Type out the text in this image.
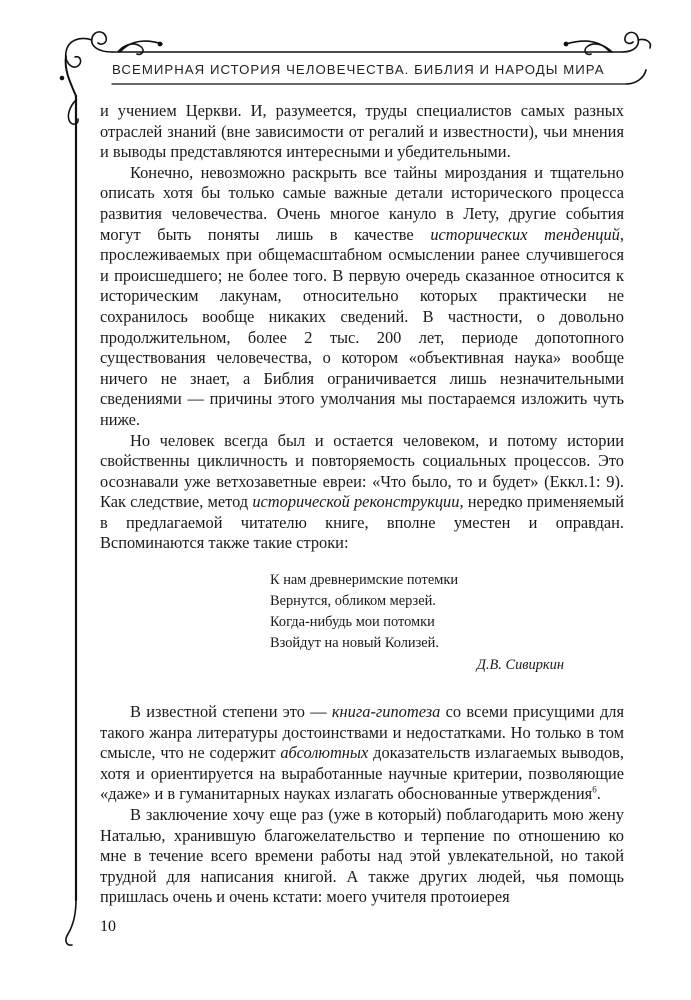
ВСЕМИРНАЯ ИСТОРИЯ ЧЕЛОВЕЧЕСТВА. БИБЛИЯ И НАРОДЫ МИРА

и учением Церкви. И, разумеется, труды специалистов самых разных отраслей знаний (вне зависимости от регалий и известности), чьи мнения и выводы представляются интересными и убедительными.

Конечно, невозможно раскрыть все тайны мироздания и тщательно описать хотя бы только самые важные детали исторического процесса развития человечества. Очень многое кануло в Лету, другие события могут быть поняты лишь в качестве исторических тенденций, прослеживаемых при общемасштабном осмыслении ранее случившегося и происшедшего; не более того. В первую очередь сказанное относится к историческим лакунам, относительно которых практически не сохранилось вообще никаких сведений. В частности, о довольно продолжительном, более 2 тыс. 200 лет, периоде допотопного существования человечества, о котором «объективная наука» вообще ничего не знает, а Библия ограничивается лишь незначительными сведениями — причины этого умолчания мы постараемся изложить чуть ниже.

Но человек всегда был и остается человеком, и потому истории свойственны цикличность и повторяемость социальных процессов. Это осознавали уже ветхозаветные евреи: «Что было, то и будет» (Еккл.1: 9). Как следствие, метод исторической реконструкции, нередко применяемый в предлагаемой читателю книге, вполне уместен и оправдан. Вспоминаются также такие строки:

К нам древнеримские потемки
Вернутся, обликом мерзей.
Когда-нибудь мои потомки
Взойдут на новый Колизей.
Д.В. Сивиркин

В известной степени это — книга-гипотеза со всеми присущими для такого жанра литературы достоинствами и недостатками. Но только в том смысле, что не содержит абсолютных доказательств излагаемых выводов, хотя и ориентируется на выработанные научные критерии, позволяющие «даже» и в гуманитарных науках излагать обоснованные утверждения$^6$.

В заключение хочу еще раз (уже в который) поблагодарить мою жену Наталью, хранившую благожелательство и терпение по отношению ко мне в течение всего времени работы над этой увлекательной, но такой трудной для написания книгой. А также других людей, чья помощь пришлась очень и очень кстати: моего учителя протоиерея

10
